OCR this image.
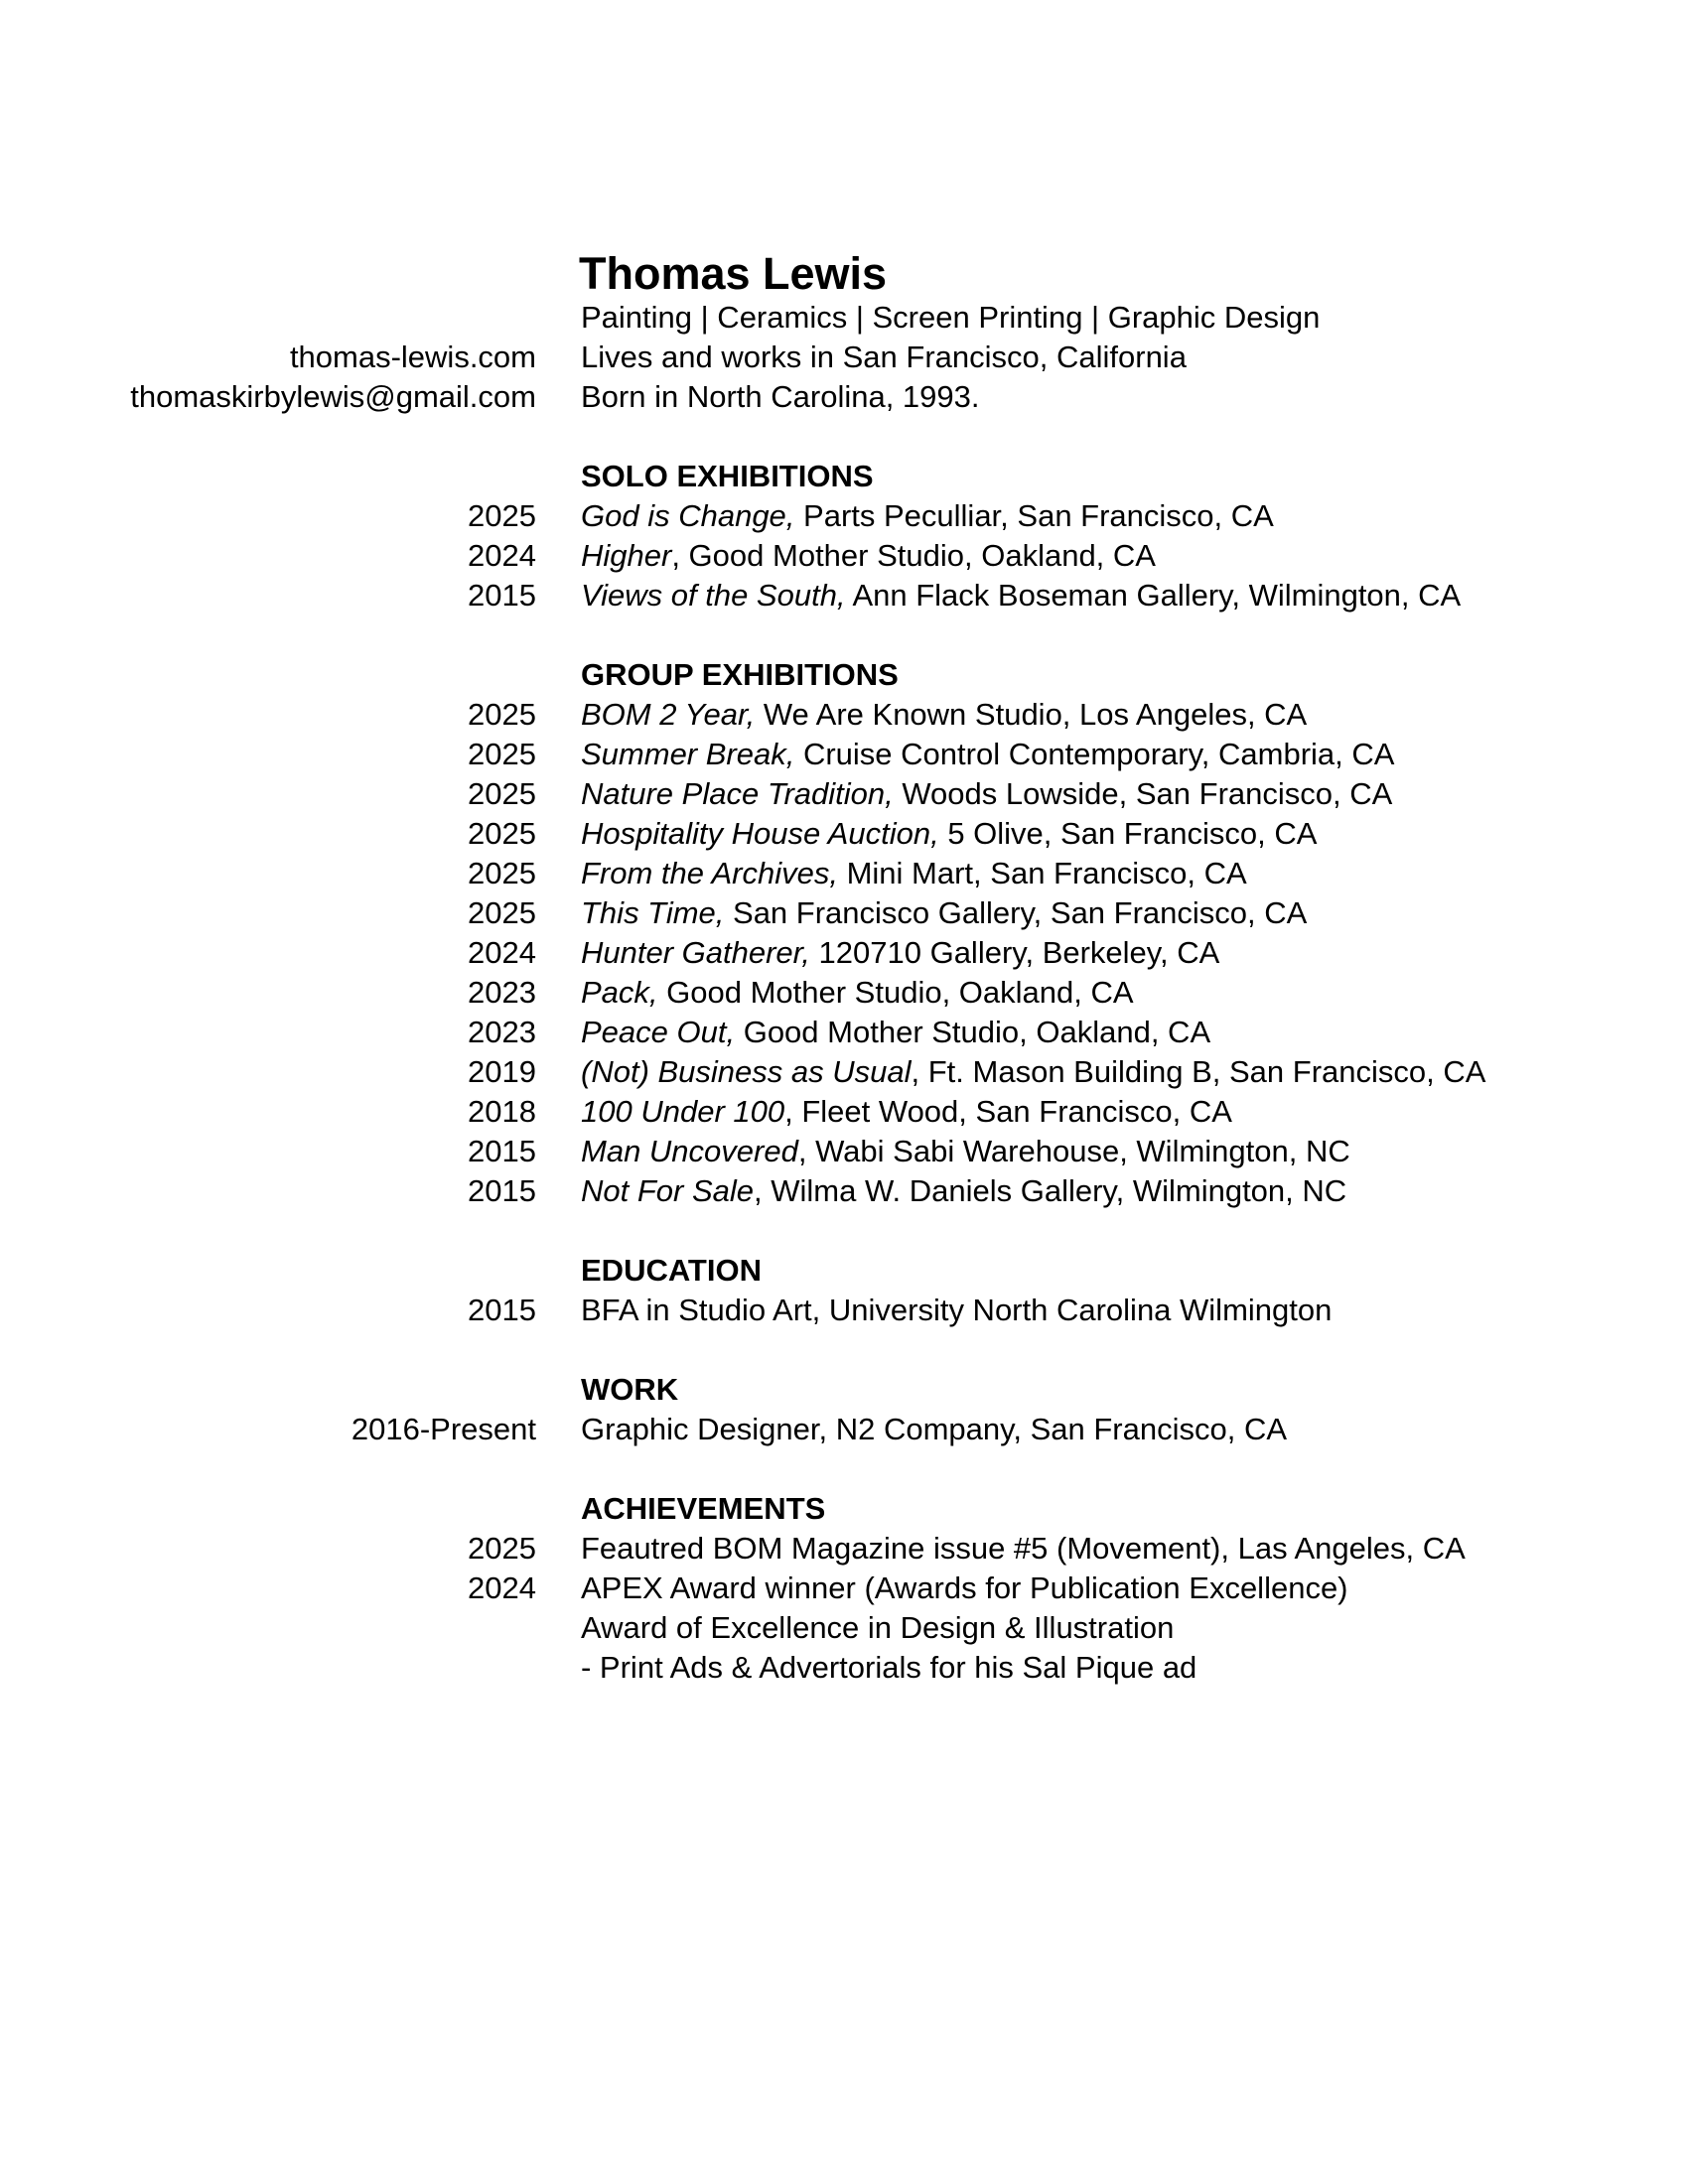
Thomas Lewis
Painting | Ceramics | Screen Printing | Graphic Design
thomas-lewis.com Lives and works in San Francisco, California
thomaskirbylewis@gmail.com Born in North Carolina, 1993.
SOLO EXHIBITIONS
2025 God is Change, Parts Peculliar, San Francisco, CA
2024 Higher, Good Mother Studio, Oakland, CA
2015 Views of the South, Ann Flack Boseman Gallery, Wilmington, CA
GROUP EXHIBITIONS
2025 BOM 2 Year, We Are Known Studio, Los Angeles, CA
2025 Summer Break, Cruise Control Contemporary, Cambria, CA
2025 Nature Place Tradition, Woods Lowside, San Francisco, CA
2025 Hospitality House Auction, 5 Olive, San Francisco, CA
2025 From the Archives, Mini Mart, San Francisco, CA
2025 This Time, San Francisco Gallery, San Francisco, CA
2024 Hunter Gatherer, 120710 Gallery, Berkeley, CA
2023 Pack, Good Mother Studio, Oakland, CA
2023 Peace Out, Good Mother Studio, Oakland, CA
2019 (Not) Business as Usual, Ft. Mason Building B, San Francisco, CA
2018 100 Under 100, Fleet Wood, San Francisco, CA
2015 Man Uncovered, Wabi Sabi Warehouse, Wilmington, NC
2015 Not For Sale, Wilma W. Daniels Gallery, Wilmington, NC
EDUCATION
2015 BFA in Studio Art, University North Carolina Wilmington
WORK
2016-Present Graphic Designer, N2 Company, San Francisco, CA
ACHIEVEMENTS
2025 Feautred BOM Magazine issue #5 (Movement), Las Angeles, CA
2024 APEX Award winner (Awards for Publication Excellence)
Award of Excellence in Design & Illustration
- Print Ads & Advertorials for his Sal Pique ad
